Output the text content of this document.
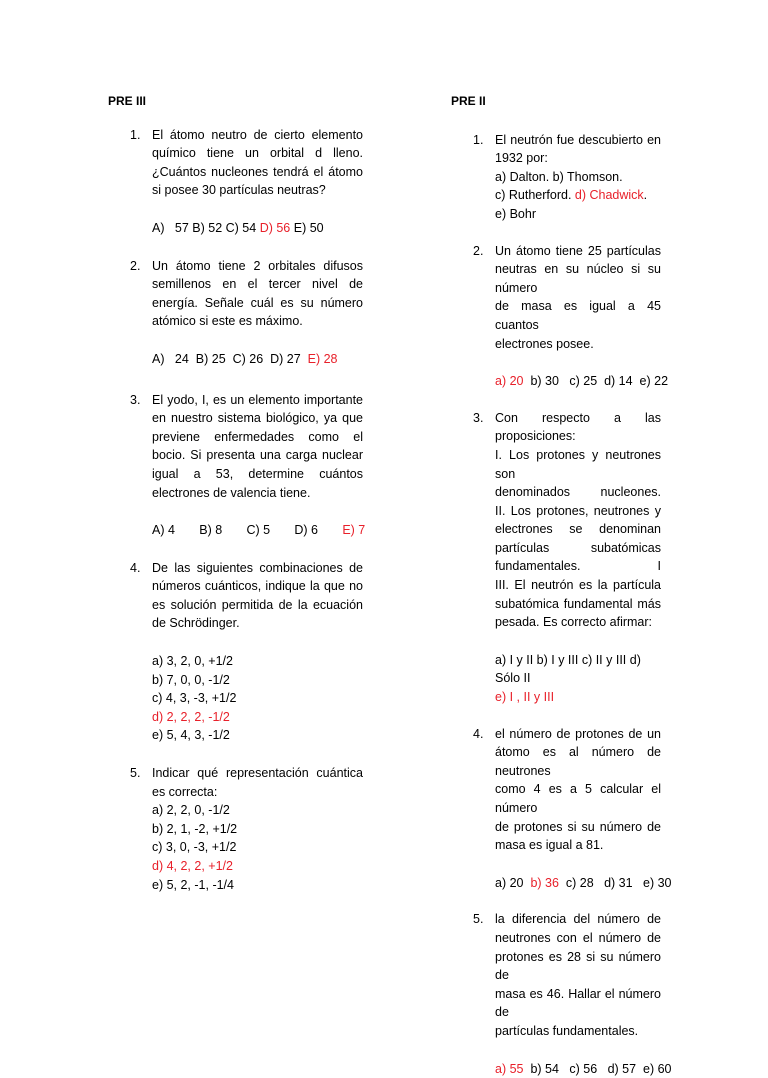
PRE III
1. El átomo neutro de cierto elemento
químico tiene un orbital d lleno.
¿Cuántos nucleones tendrá el átomo
si posee 30 partículas neutras?
A)   57 B) 52 C) 54 D) 56 E) 50
2. Un átomo tiene 2 orbitales difusos
semillenos en el tercer nivel de
energía. Señale cuál es su número
atómico si este es máximo.
A)   24  B) 25  C) 26  D) 27  E) 28
3. El yodo, I, es un elemento importante
en nuestro sistema biológico, ya que
previene enfermedades como el
bocio. Si presenta una carga nuclear
igual a 53, determine cuántos
electrones de valencia tiene.
A) 4       B) 8       C) 5       D) 6       E) 7
4. De las siguientes combinaciones de
números cuánticos, indique la que no
es solución permitida de la ecuación
de Schrödinger.
a) 3, 2, 0, +1/2
b) 7, 0, 0, -1/2
c) 4, 3, -3, +1/2
d) 2, 2, 2, -1/2
e) 5, 4, 3, -1/2
5. Indicar qué representación cuántica
es correcta:
a) 2, 2, 0, -1/2
b) 2, 1, -2, +1/2
c) 3, 0, -3, +1/2
d) 4, 2, 2, +1/2
e) 5, 2, -1, -1/4
PRE II
1. El neutrón fue descubierto en
1932 por:
a) Dalton. b) Thomson.
c) Rutherford. d) Chadwick.
e) Bohr
2. Un átomo tiene 25 partículas
neutras en su núcleo si su número
de masa es igual a 45 cuantos
electrones posee.
a) 20  b) 30   c) 25  d) 14  e) 22
3. Con respecto a las proposiciones:
I. Los protones y neutrones son
denominados nucleones.
II. Los protones, neutrones y
electrones se denominan
partículas subatómicas
fundamentales. I
III. El neutrón es la partícula
subatómica fundamental más
pesada. Es correcto afirmar:
a) I y II b) I y III c) II y III d) Sólo II
e) I , II y III
4. el número de protones de un
átomo es al número de neutrones
como 4 es a 5 calcular el número
de protones si su número de
masa es igual a 81.
a) 20  b) 36  c) 28   d) 31   e) 30
5. la diferencia del número de
neutrones con el número de
protones es 28 si su número de
masa es 46. Hallar el número de
partículas fundamentales.
a) 55  b) 54   c) 56   d) 57  e) 60
